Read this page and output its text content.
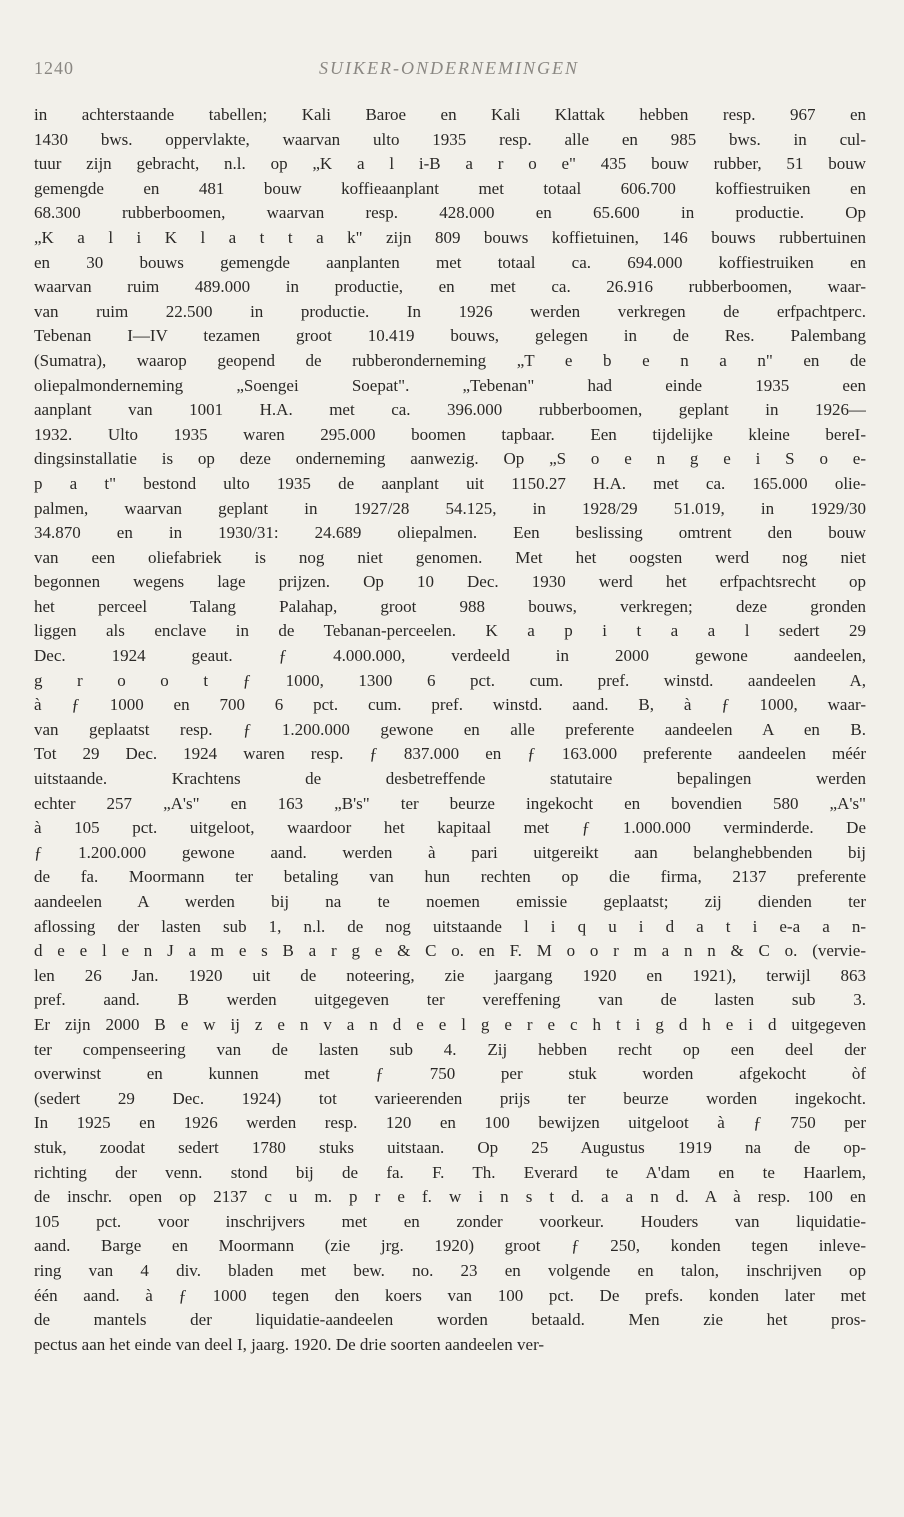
1240	SUIKER-ONDERNEMINGEN
in achterstaande tabellen; Kali Baroe en Kali Klattak hebben resp. 967 en
1430 bws. oppervlakte, waarvan ulto 1935 resp. alle en 985 bws. in cul-
tuur zijn gebracht, n.l. op „K a l i-B a r o e" 435 bouw rubber, 51 bouw
gemengde en 481 bouw koffieaanplant met totaal 606.700 koffiestruiken en
68.300 rubberboomen, waarvan resp. 428.000 en 65.600 in productie. Op
„K a l i K l a t t a k" zijn 809 bouws koffietuinen, 146 bouws rubbertuinen
en 30 bouws gemengde aanplanten met totaal ca. 694.000 koffiestruiken en
waarvan ruim 489.000 in productie, en met ca. 26.916 rubberboomen, waar-
van ruim 22.500 in productie. In 1926 werden verkregen de erfpachtperc.
Tebenan I—IV tezamen groot 10.419 bouws, gelegen in de Res. Palembang
(Sumatra), waarop geopend de rubberonderneming „T e b e n a n" en de
oliepalmonderneming „Soengei Soepat". „Tebenan" had einde 1935 een
aanplant van 1001 H.A. met ca. 396.000 rubberboomen, geplant in 1926—
1932. Ulto 1935 waren 295.000 boomen tapbaar. Een tijdelijke kleine bereI-
dingsinstallatie is op deze onderneming aanwezig. Op „S o e n g e i S o e-
p a t" bestond ulto 1935 de aanplant uit 1150.27 H.A. met ca. 165.000 olie-
palmen, waarvan geplant in 1927/28 54.125, in 1928/29 51.019, in 1929/30
34.870 en in 1930/31: 24.689 oliepalmen. Een beslissing omtrent den bouw
van een oliefabriek is nog niet genomen. Met het oogsten werd nog niet
begonnen wegens lage prijzen. Op 10 Dec. 1930 werd het erfpachtsrecht op
het perceel Talang Palahap, groot 988 bouws, verkregen; deze gronden
liggen als enclave in de Tebanan-perceelen. K a p i t a a l sedert 29
Dec. 1924 geaut. ƒ 4.000.000, verdeeld in 2000 gewone aandeelen,
g r o o t ƒ 1000, 1300 6 pct. cum. pref. winstd. aandeelen A,
à ƒ 1000 en 700 6 pct. cum. pref. winstd. aand. B, à ƒ 1000, waar-
van geplaatst resp. ƒ 1.200.000 gewone en alle preferente aandeelen A en B.
Tot 29 Dec. 1924 waren resp. ƒ 837.000 en ƒ 163.000 preferente aandeelen méér
uitstaande. Krachtens de desbetreffende statutaire bepalingen werden
echter 257 „A's" en 163 „B's" ter beurze ingekocht en bovendien 580 „A's"
à 105 pct. uitgeloot, waardoor het kapitaal met ƒ 1.000.000 verminderde. De
ƒ 1.200.000 gewone aand. werden à pari uitgereikt aan belanghebbenden bij
de fa. Moormann ter betaling van hun rechten op die firma, 2137 preferente
aandeelen A werden bij na te noemen emissie geplaatst; zij dienden ter
aflossing der lasten sub 1, n.l. de nog uitstaande l i q u i d a t i e-a a n-
d e e l e n J a m e s B a r g e & C o. en F. M o o r m a n n & C o. (vervie-
len 26 Jan. 1920 uit de noteering, zie jaargang 1920 en 1921), terwijl 863
pref. aand. B werden uitgegeven ter vereffening van de lasten sub 3.
Er zijn 2000 B e w ij z e n v a n d e e l g e r e c h t i g d h e i d uitgegeven
ter compenseering van de lasten sub 4. Zij hebben recht op een deel der
overwinst en kunnen met ƒ 750 per stuk worden afgekocht òf
(sedert 29 Dec. 1924) tot varieerenden prijs ter beurze worden ingekocht.
In 1925 en 1926 werden resp. 120 en 100 bewijzen uitgeloot à ƒ 750 per
stuk, zoodat sedert 1780 stuks uitstaan. Op 25 Augustus 1919 na de op-
richting der venn. stond bij de fa. F. Th. Everard te A'dam en te Haarlem,
de inschr. open op 2137 c u m. p r e f. w i n s t d. a a n d. A à resp. 100 en
105 pct. voor inschrijvers met en zonder voorkeur. Houders van liquidatie-
aand. Barge en Moormann (zie jrg. 1920) groot ƒ 250, konden tegen inleve-
ring van 4 div. bladen met bew. no. 23 en volgende en talon, inschrijven op
één aand. à ƒ 1000 tegen den koers van 100 pct. De prefs. konden later met
de mantels der liquidatie-aandeelen worden betaald. Men zie het pros-
pectus aan het einde van deel I, jaarg. 1920. De drie soorten aandeelen ver-
